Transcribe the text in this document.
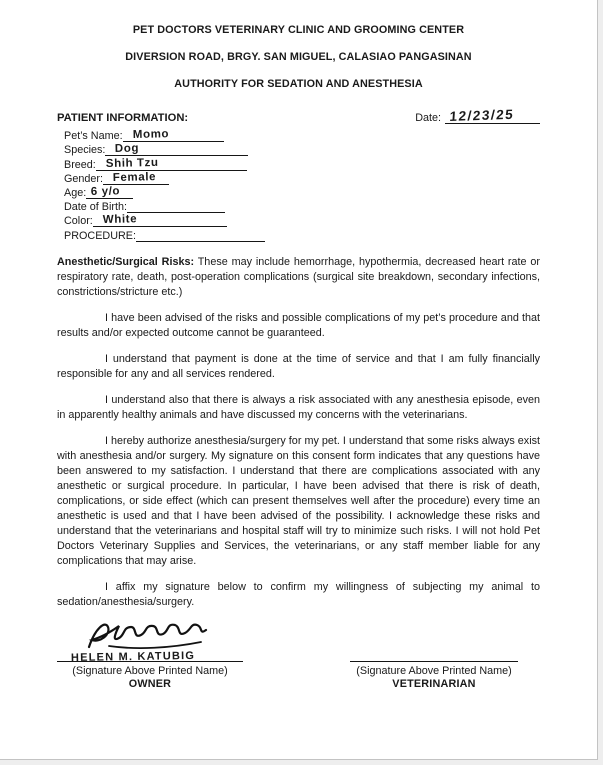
PET DOCTORS VETERINARY CLINIC AND GROOMING CENTER
DIVERSION ROAD, BRGY. SAN MIGUEL, CALASIAO PANGASINAN
AUTHORITY FOR SEDATION AND ANESTHESIA
PATIENT INFORMATION:	Date: 12/23/25
Pet’s Name: Momo
Species: Dog
Breed: Shih Tzu
Gender: Female
Age: 6 y/o
Date of Birth:
Color: White
PROCEDURE:

Anesthetic/Surgical Risks: These may include hemorrhage, hypothermia, decreased heart rate or respiratory rate, death, post-operation complications (surgical site breakdown, secondary infections, constrictions/stricture etc.)

I have been advised of the risks and possible complications of my pet’s procedure and that results and/or expected outcome cannot be guaranteed.

I understand that payment is done at the time of service and that I am fully financially responsible for any and all services rendered.

I understand also that there is always a risk associated with any anesthesia episode, even in apparently healthy animals and have discussed my concerns with the veterinarians.

I hereby authorize anesthesia/surgery for my pet. I understand that some risks always exist with anesthesia and/or surgery. My signature on this consent form indicates that any questions have been answered to my satisfaction. I understand that there are complications associated with any anesthetic or surgical procedure. In particular, I have been advised that there is risk of death, complications, or side effect (which can present themselves well after the procedure) every time an anesthetic is used and that I have been advised of the possibility. I acknowledge these risks and understand that the veterinarians and hospital staff will try to minimize such risks. I will not hold Pet Doctors Veterinary Supplies and Services, the veterinarians, or any staff member liable for any complications that may arise.

I affix my signature below to confirm my willingness of subjecting my animal to sedation/anesthesia/surgery.

HELEN M. KATUBIG
(Signature Above Printed Name)
OWNER
(Signature Above Printed Name)
VETERINARIAN
